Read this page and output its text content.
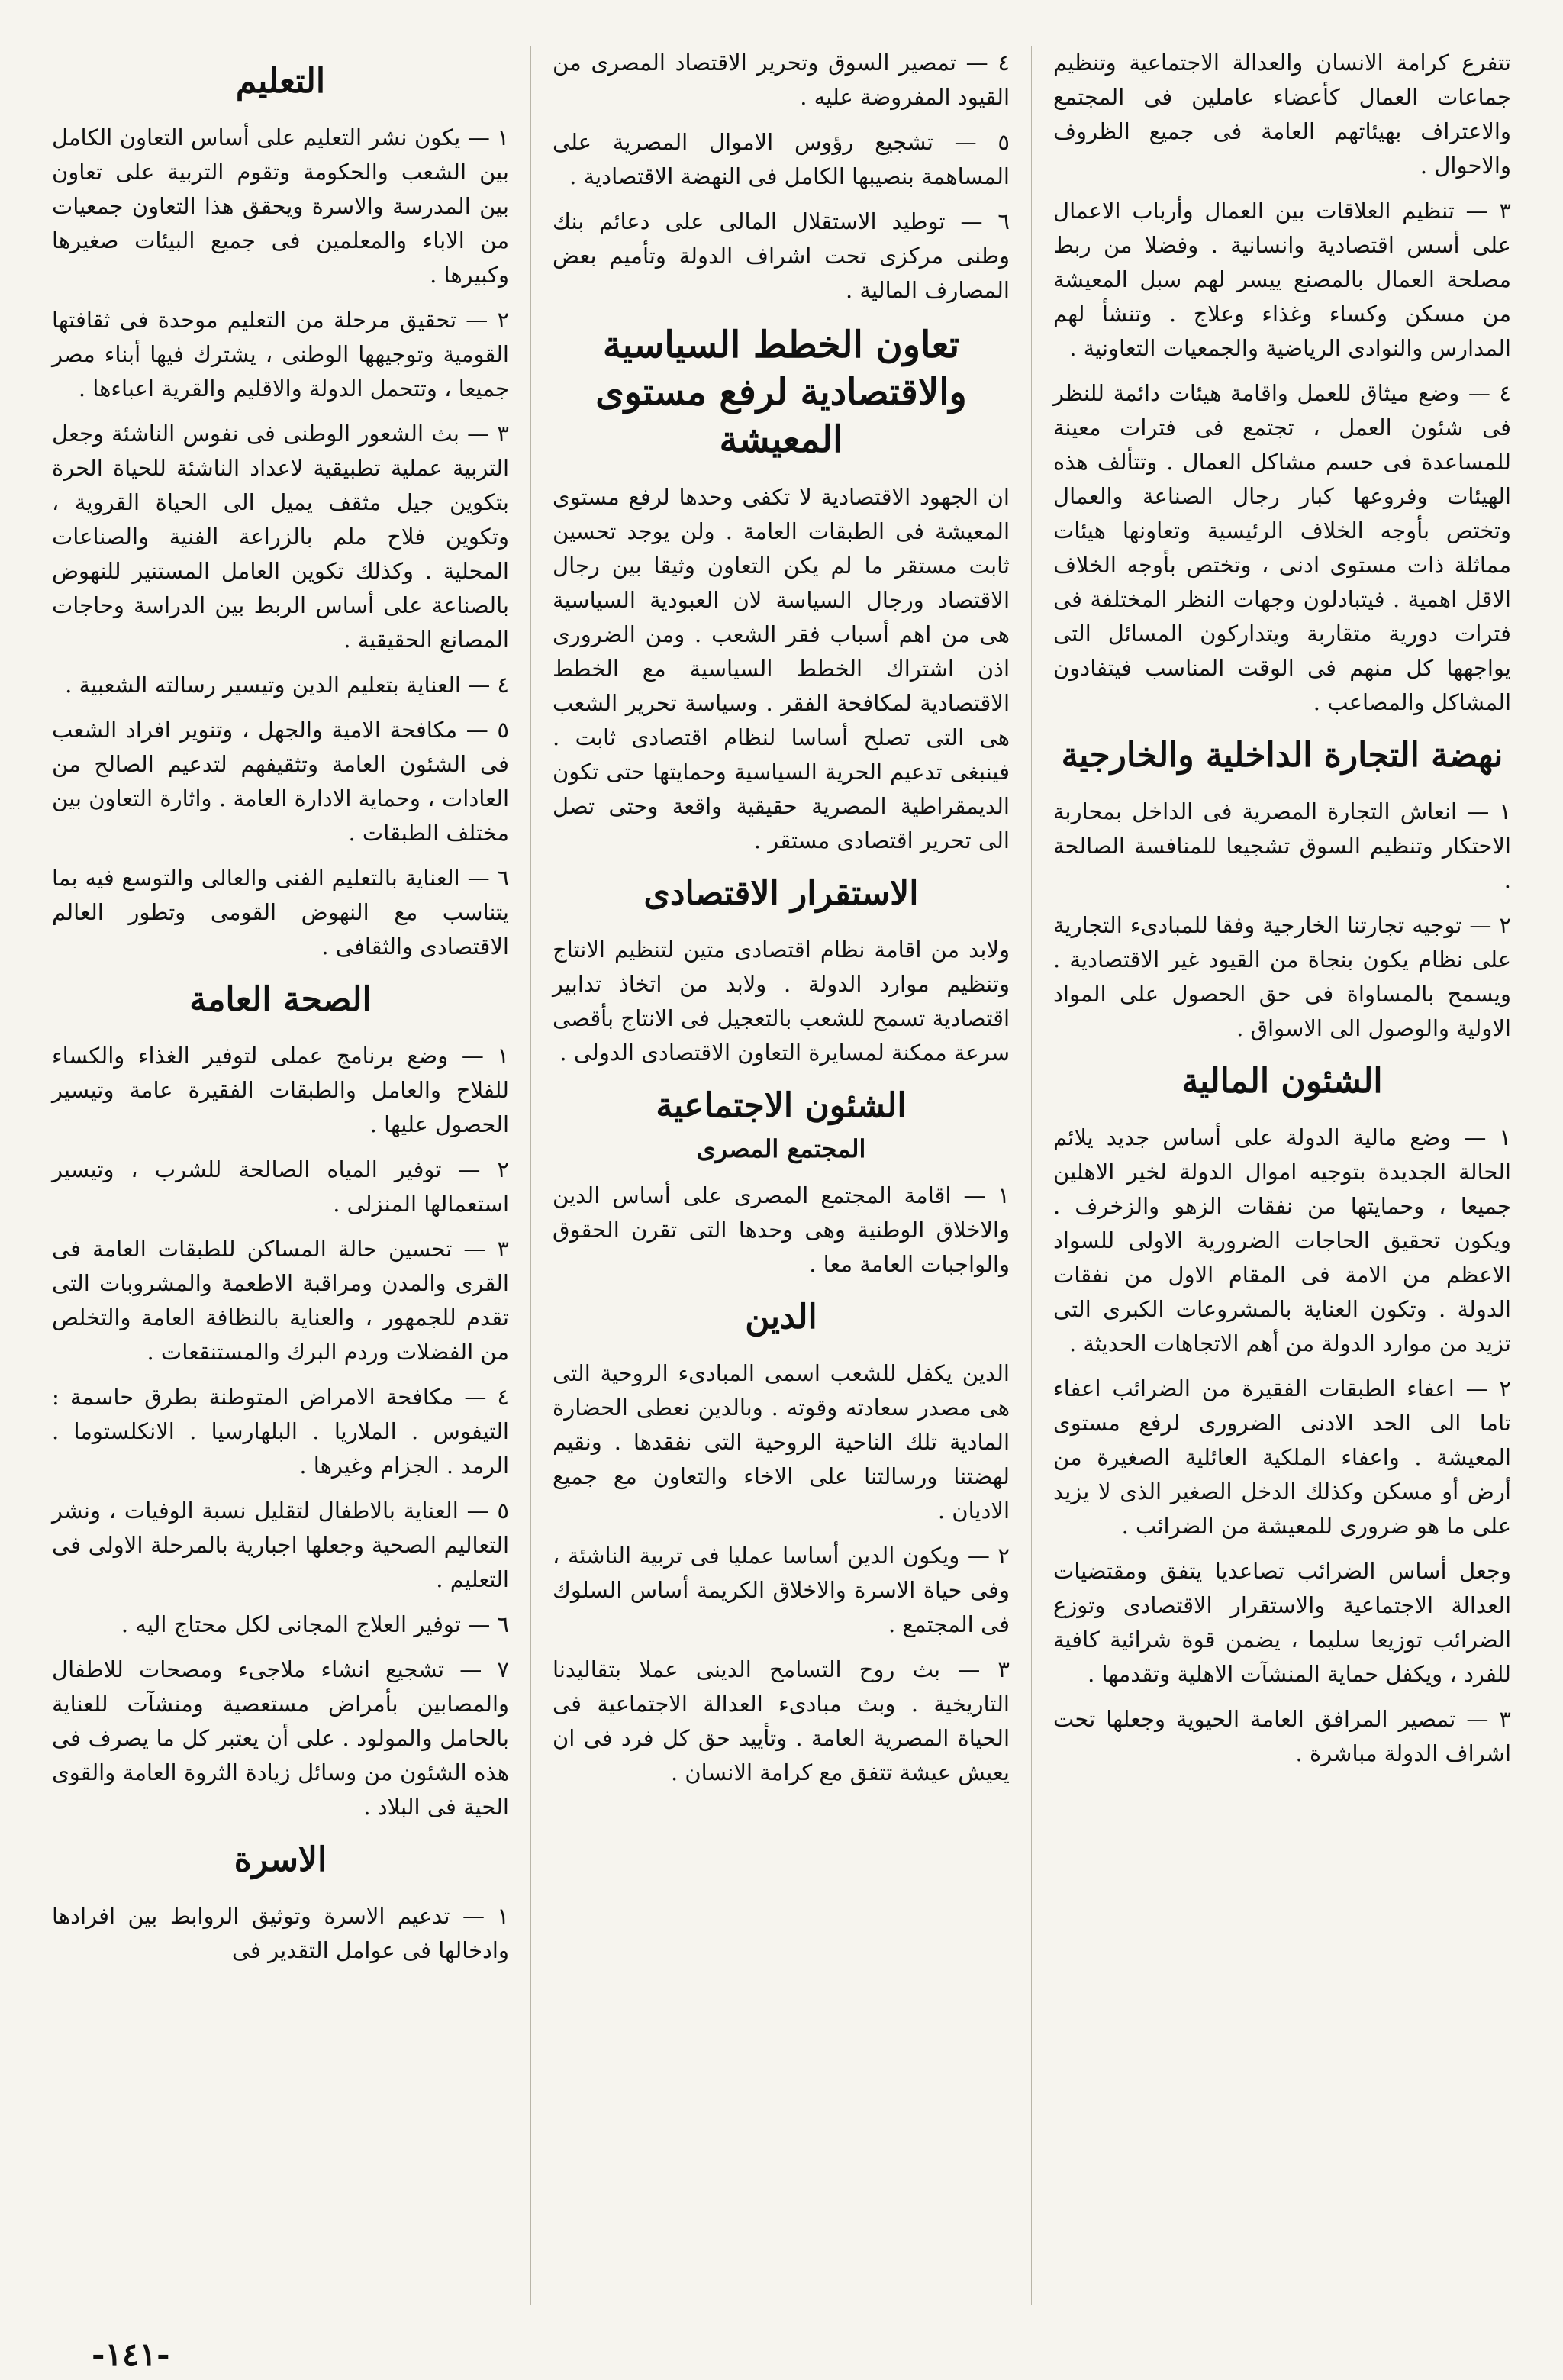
تتفرع كرامة الانسان والعدالة الاجتماعية وتنظيم جماعات العمال كأعضاء عاملين فى المجتمع والاعتراف بهيئاتهم العامة فى جميع الظروف والاحوال .
٣ — تنظيم العلاقات بين العمال وأرباب الاعمال على أسس اقتصادية وانسانية . وفضلا من ربط مصلحة العمال بالمصنع ييسر لهم سبل المعيشة من مسكن وكساء وغذاء وعلاج . وتنشأ لهم المدارس والنوادى الرياضية والجمعيات التعاونية .
٤ — وضع ميثاق للعمل واقامة هيئات دائمة للنظر فى شئون العمل ، تجتمع فى فترات معينة للمساعدة فى حسم مشاكل العمال . وتتألف هذه الهيئات وفروعها كبار رجال الصناعة والعمال وتختص بأوجه الخلاف الرئيسية وتعاونها هيئات مماثلة ذات مستوى ادنى ، وتختص بأوجه الخلاف الاقل اهمية . فيتبادلون وجهات النظر المختلفة فى فترات دورية متقاربة ويتداركون المسائل التى يواجهها كل منهم فى الوقت المناسب فيتفادون المشاكل والمصاعب .
نهضة التجارة الداخلية والخارجية
١ — انعاش التجارة المصرية فى الداخل بمحاربة الاحتكار وتنظيم السوق تشجيعا للمنافسة الصالحة .
٢ — توجيه تجارتنا الخارجية وفقا للمبادىء التجارية على نظام يكون بنجاة من القيود غير الاقتصادية . ويسمح بالمساواة فى حق الحصول على المواد الاولية والوصول الى الاسواق .
الشئون المالية
١ — وضع مالية الدولة على أساس جديد يلائم الحالة الجديدة بتوجيه اموال الدولة لخير الاهلين جميعا ، وحمايتها من نفقات الزهو والزخرف . ويكون تحقيق الحاجات الضرورية الاولى للسواد الاعظم من الامة فى المقام الاول من نفقات الدولة . وتكون العناية بالمشروعات الكبرى التى تزيد من موارد الدولة من أهم الاتجاهات الحديثة .
٢ — اعفاء الطبقات الفقيرة من الضرائب اعفاء تاما الى الحد الادنى الضرورى لرفع مستوى المعيشة . واعفاء الملكية العائلية الصغيرة من أرض أو مسكن وكذلك الدخل الصغير الذى لا يزيد على ما هو ضرورى للمعيشة من الضرائب .
وجعل أساس الضرائب تصاعديا يتفق ومقتضيات العدالة الاجتماعية والاستقرار الاقتصادى وتوزع الضرائب توزيعا سليما ، يضمن قوة شرائية كافية للفرد ، ويكفل حماية المنشآت الاهلية وتقدمها .
٣ — تمصير المرافق العامة الحيوية وجعلها تحت اشراف الدولة مباشرة .
٤ — تمصير السوق وتحرير الاقتصاد المصرى من القيود المفروضة عليه .
٥ — تشجيع رؤوس الاموال المصرية على المساهمة بنصيبها الكامل فى النهضة الاقتصادية .
٦ — توطيد الاستقلال المالى على دعائم بنك وطنى مركزى تحت اشراف الدولة وتأميم بعض المصارف المالية .
تعاون الخطط السياسية والاقتصادية لرفع مستوى المعيشة
ان الجهود الاقتصادية لا تكفى وحدها لرفع مستوى المعيشة فى الطبقات العامة . ولن يوجد تحسين ثابت مستقر ما لم يكن التعاون وثيقا بين رجال الاقتصاد ورجال السياسة لان العبودية السياسية هى من اهم أسباب فقر الشعب . ومن الضرورى اذن اشتراك الخطط السياسية مع الخطط الاقتصادية لمكافحة الفقر . وسياسة تحرير الشعب هى التى تصلح أساسا لنظام اقتصادى ثابت . فينبغى تدعيم الحرية السياسية وحمايتها حتى تكون الديمقراطية المصرية حقيقية واقعة وحتى تصل الى تحرير اقتصادى مستقر .
الاستقرار الاقتصادى
ولابد من اقامة نظام اقتصادى متين لتنظيم الانتاج وتنظيم موارد الدولة . ولابد من اتخاذ تدابير اقتصادية تسمح للشعب بالتعجيل فى الانتاج بأقصى سرعة ممكنة لمسايرة التعاون الاقتصادى الدولى .
الشئون الاجتماعية
المجتمع المصرى
١ — اقامة المجتمع المصرى على أساس الدين والاخلاق الوطنية وهى وحدها التى تقرن الحقوق والواجبات العامة معا .
الدين
الدين يكفل للشعب اسمى المبادىء الروحية التى هى مصدر سعادته وقوته . وبالدين نعطى الحضارة المادية تلك الناحية الروحية التى نفقدها . ونقيم لهضتنا ورسالتنا على الاخاء والتعاون مع جميع الاديان .
٢ — ويكون الدين أساسا عمليا فى تربية الناشئة ، وفى حياة الاسرة والاخلاق الكريمة أساس السلوك فى المجتمع .
٣ — بث روح التسامح الدينى عملا بتقاليدنا التاريخية . وبث مبادىء العدالة الاجتماعية فى الحياة المصرية العامة . وتأييد حق كل فرد فى ان يعيش عيشة تتفق مع كرامة الانسان .
التعليم
١ — يكون نشر التعليم على أساس التعاون الكامل بين الشعب والحكومة وتقوم التربية على تعاون بين المدرسة والاسرة ويحقق هذا التعاون جمعيات من الاباء والمعلمين فى جميع البيئات صغيرها وكبيرها .
٢ — تحقيق مرحلة من التعليم موحدة فى ثقافتها القومية وتوجيهها الوطنى ، يشترك فيها أبناء مصر جميعا ، وتتحمل الدولة والاقليم والقرية اعباءها .
٣ — بث الشعور الوطنى فى نفوس الناشئة وجعل التربية عملية تطبيقية لاعداد الناشئة للحياة الحرة بتكوين جيل مثقف يميل الى الحياة القروية ، وتكوين فلاح ملم بالزراعة الفنية والصناعات المحلية . وكذلك تكوين العامل المستنير للنهوض بالصناعة على أساس الربط بين الدراسة وحاجات المصانع الحقيقية .
٤ — العناية بتعليم الدين وتيسير رسالته الشعبية .
٥ — مكافحة الامية والجهل ، وتنوير افراد الشعب فى الشئون العامة وتثقيفهم لتدعيم الصالح من العادات ، وحماية الادارة العامة . واثارة التعاون بين مختلف الطبقات .
٦ — العناية بالتعليم الفنى والعالى والتوسع فيه بما يتناسب مع النهوض القومى وتطور العالم الاقتصادى والثقافى .
الصحة العامة
١ — وضع برنامج عملى لتوفير الغذاء والكساء للفلاح والعامل والطبقات الفقيرة عامة وتيسير الحصول عليها .
٢ — توفير المياه الصالحة للشرب ، وتيسير استعمالها المنزلى .
٣ — تحسين حالة المساكن للطبقات العامة فى القرى والمدن ومراقبة الاطعمة والمشروبات التى تقدم للجمهور ، والعناية بالنظافة العامة والتخلص من الفضلات وردم البرك والمستنقعات .
٤ — مكافحة الامراض المتوطنة بطرق حاسمة : التيفوس . الملاريا . البلهارسيا . الانكلستوما . الرمد . الجزام وغيرها .
٥ — العناية بالاطفال لتقليل نسبة الوفيات ، ونشر التعاليم الصحية وجعلها اجبارية بالمرحلة الاولى فى التعليم .
٦ — توفير العلاج المجانى لكل محتاج اليه .
٧ — تشجيع انشاء ملاجىء ومصحات للاطفال والمصابين بأمراض مستعصية ومنشآت للعناية بالحامل والمولود . على أن يعتبر كل ما يصرف فى هذه الشئون من وسائل زيادة الثروة العامة والقوى الحية فى البلاد .
الاسرة
١ — تدعيم الاسرة وتوثيق الروابط بين افرادها وادخالها فى عوامل التقدير فى
-١٤١-
